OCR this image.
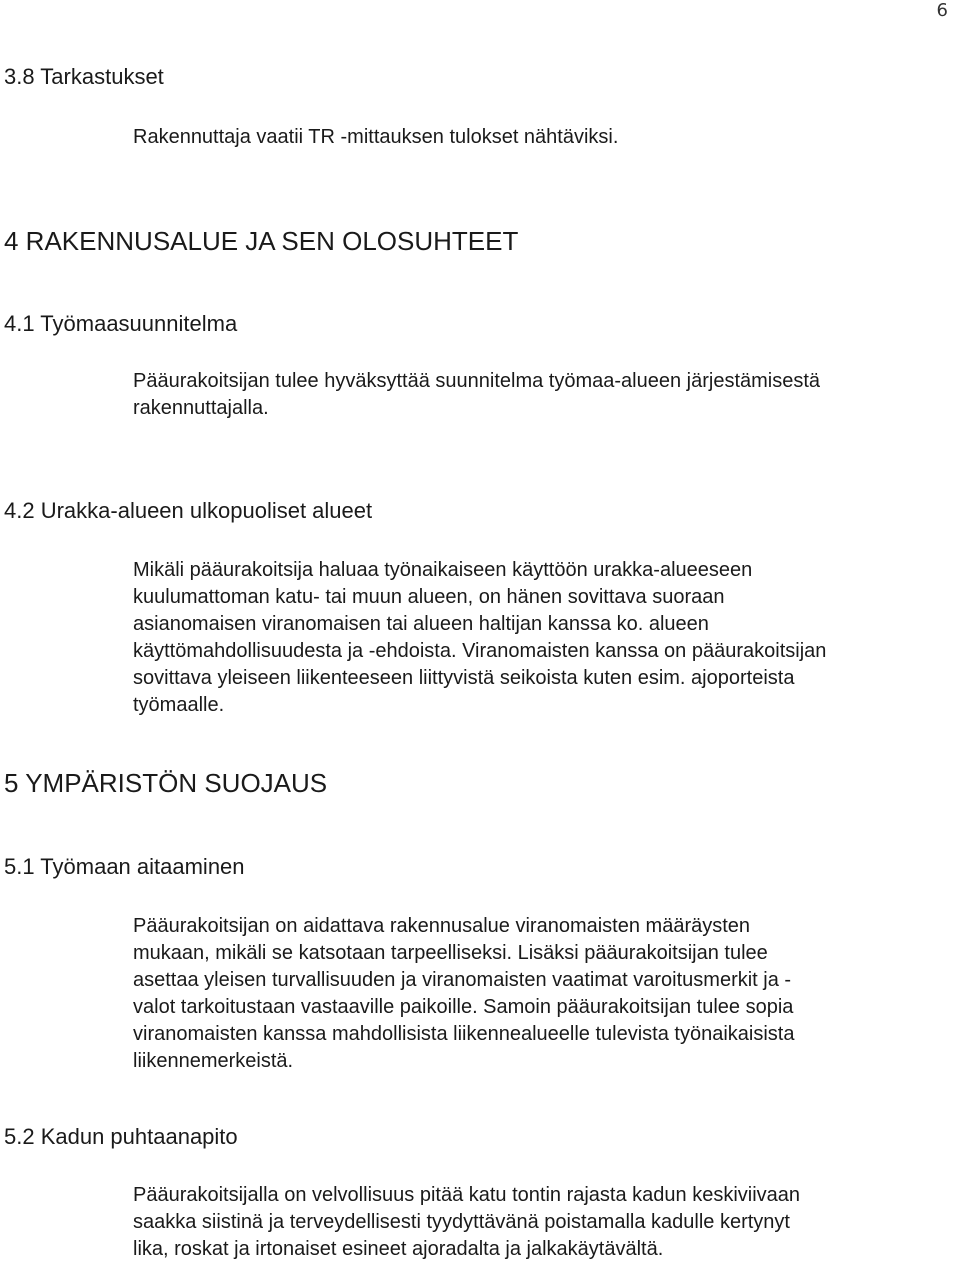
6
3.8 Tarkastukset
Rakennuttaja vaatii TR -mittauksen tulokset nähtäviksi.
4 RAKENNUSALUE JA SEN OLOSUHTEET
4.1 Työmaasuunnitelma
Pääurakoitsijan tulee hyväksyttää suunnitelma työmaa-alueen järjestämisestä
rakennuttajalla.
4.2 Urakka-alueen ulkopuoliset alueet
Mikäli pääurakoitsija haluaa työnaikaiseen käyttöön urakka-alueeseen
kuulumattoman katu- tai muun alueen, on hänen sovittava suoraan
asianomaisen viranomaisen tai alueen haltijan kanssa ko. alueen
käyttömahdollisuudesta ja -ehdoista. Viranomaisten kanssa on pääurakoitsijan
sovittava yleiseen liikenteeseen liittyvistä seikoista kuten esim. ajoporteista
työmaalle.
5 YMPÄRISTÖN SUOJAUS
5.1 Työmaan aitaaminen
Pääurakoitsijan on aidattava rakennusalue viranomaisten määräysten
mukaan, mikäli se katsotaan tarpeelliseksi. Lisäksi pääurakoitsijan tulee
asettaa yleisen turvallisuuden ja viranomaisten vaatimat varoitusmerkit ja -
valot tarkoitustaan vastaaville paikoille. Samoin pääurakoitsijan tulee sopia
viranomaisten kanssa mahdollisista liikennealueelle tulevista työnaikaisista
liikennemerkeistä.
5.2 Kadun puhtaanapito
Pääurakoitsijalla on velvollisuus pitää katu tontin rajasta kadun keskiviivaan
saakka siistinä ja terveydellisesti tyydyttävänä poistamalla kadulle kertynyt
lika, roskat ja irtonaiset esineet ajoradalta ja jalkakäytävältä.
